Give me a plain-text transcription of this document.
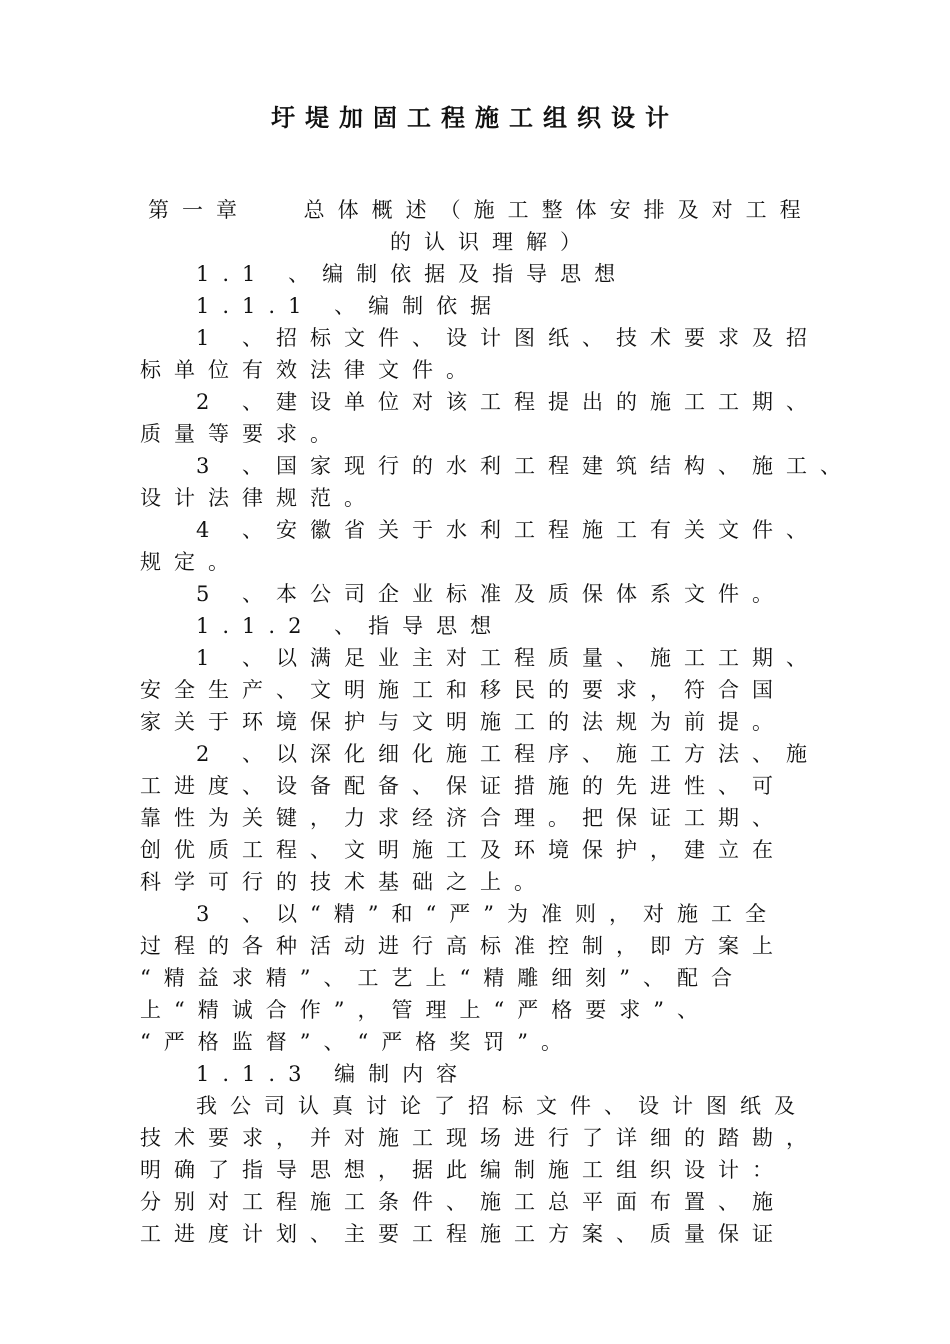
圩堤加固工程施工组织设计
第一章　 总体概述（施工整体安排及对工程
的认识理解）
1.1 、编制依据及指导思想
1.1.1 、编制依据
1 、招标文件、设计图纸、技术要求及招
标单位有效法律文件。
2 、建设单位对该工程提出的施工工期、
质量等要求。
3 、国家现行的水利工程建筑结构、施工、
设计法律规范。
4 、安徽省关于水利工程施工有关文件、
规定。
5 、本公司企业标准及质保体系文件。
1.1.2 、指导思想
1 、以满足业主对工程质量、施工工期、
安全生产、文明施工和移民的要求，符合国
家关于环境保护与文明施工的法规为前提。
2 、以深化细化施工程序、施工方法、施
工进度、设备配备、保证措施的先进性、可
靠性为关键，力求经济合理。把保证工期、
创优质工程、文明施工及环境保护，建立在
科学可行的技术基础之上。
3 、以“精”和“严”为准则，对施工全
过程的各种活动进行高标准控制，即方案上
“精益求精”、工艺上“精雕细刻”、配合
上“精诚合作”，管理上“严格要求”、
“严格监督”、“严格奖罚”。
1.1.3 编制内容
我公司认真讨论了招标文件、设计图纸及
技术要求，并对施工现场进行了详细的踏勘，
明确了指导思想，据此编制施工组织设计：
分别对工程施工条件、施工总平面布置、施
工进度计划、主要工程施工方案、质量保证
